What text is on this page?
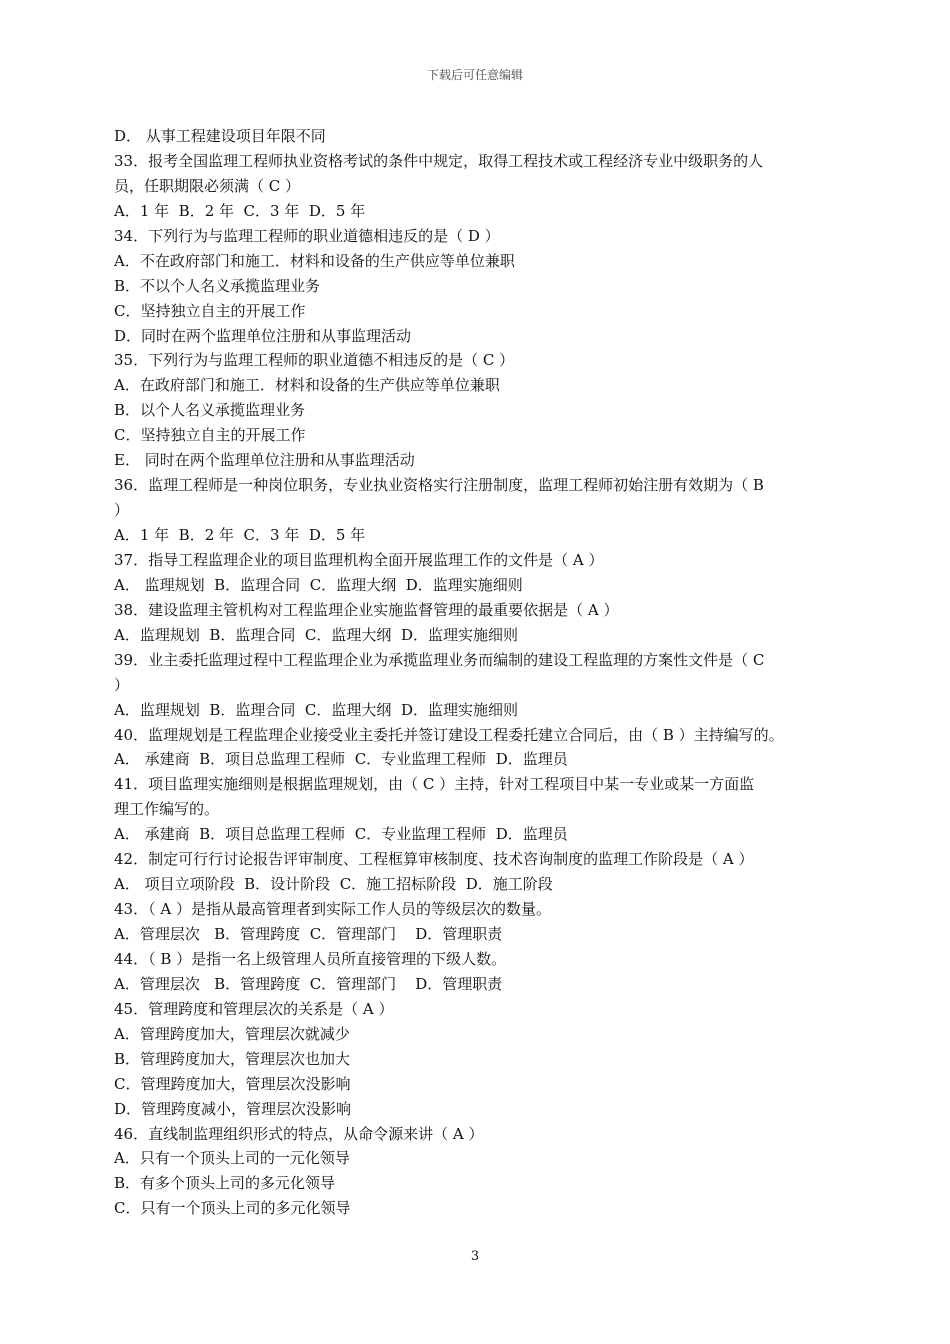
下载后可任意编辑
D． 从事工程建设项目年限不同
33．报考全国监理工程师执业资格考试的条件中规定，取得工程技术或工程经济专业中级职务的人
员，任职期限必须满（ C ）
A．1 年  B．2 年  C．3 年  D．5 年
34．下列行为与监理工程师的职业道德相违反的是（ D ）
A．不在政府部门和施工．材料和设备的生产供应等单位兼职
B．不以个人名义承揽监理业务
C．坚持独立自主的开展工作
D．同时在两个监理单位注册和从事监理活动
35．下列行为与监理工程师的职业道德不相违反的是（ C ）
A．在政府部门和施工．材料和设备的生产供应等单位兼职
B．以个人名义承揽监理业务
C．坚持独立自主的开展工作
E． 同时在两个监理单位注册和从事监理活动
36．监理工程师是一种岗位职务，专业执业资格实行注册制度，监理工程师初始注册有效期为（ B
）
A．1 年  B．2 年  C．3 年  D．5 年
37．指导工程监理企业的项目监理机构全面开展监理工作的文件是（ A ）
A． 监理规划  B．监理合同  C．监理大纲  D．监理实施细则
38．建设监理主管机构对工程监理企业实施监督管理的最重要依据是（ A ）
A．监理规划  B．监理合同  C．监理大纲  D．监理实施细则
39．业主委托监理过程中工程监理企业为承揽监理业务而编制的建设工程监理的方案性文件是（ C
）
A．监理规划  B．监理合同  C．监理大纲  D．监理实施细则
40．监理规划是工程监理企业接受业主委托并签订建设工程委托建立合同后，由（ B ）主持编写的。
A． 承建商  B．项目总监理工程师  C．专业监理工程师  D．监理员
41．项目监理实施细则是根据监理规划，由（ C ）主持，针对工程项目中某一专业或某一方面监
理工作编写的。
A． 承建商  B．项目总监理工程师  C．专业监理工程师  D．监理员
42．制定可行行讨论报告评审制度、工程框算审核制度、技术咨询制度的监理工作阶段是（ A ）
A． 项目立项阶段  B．设计阶段  C．施工招标阶段  D．施工阶段
43．（ A ）是指从最高管理者到实际工作人员的等级层次的数量。
A．管理层次   B．管理跨度  C．管理部门    D．管理职责
44．（ B ）是指一名上级管理人员所直接管理的下级人数。
A．管理层次   B．管理跨度  C．管理部门    D．管理职责
45．管理跨度和管理层次的关系是（ A ）
A．管理跨度加大，管理层次就减少
B．管理跨度加大，管理层次也加大
C．管理跨度加大，管理层次没影响
D．管理跨度减小，管理层次没影响
46．直线制监理组织形式的特点，从命令源来讲（ A ）
A．只有一个顶头上司的一元化领导
B．有多个顶头上司的多元化领导
C．只有一个顶头上司的多元化领导
3
